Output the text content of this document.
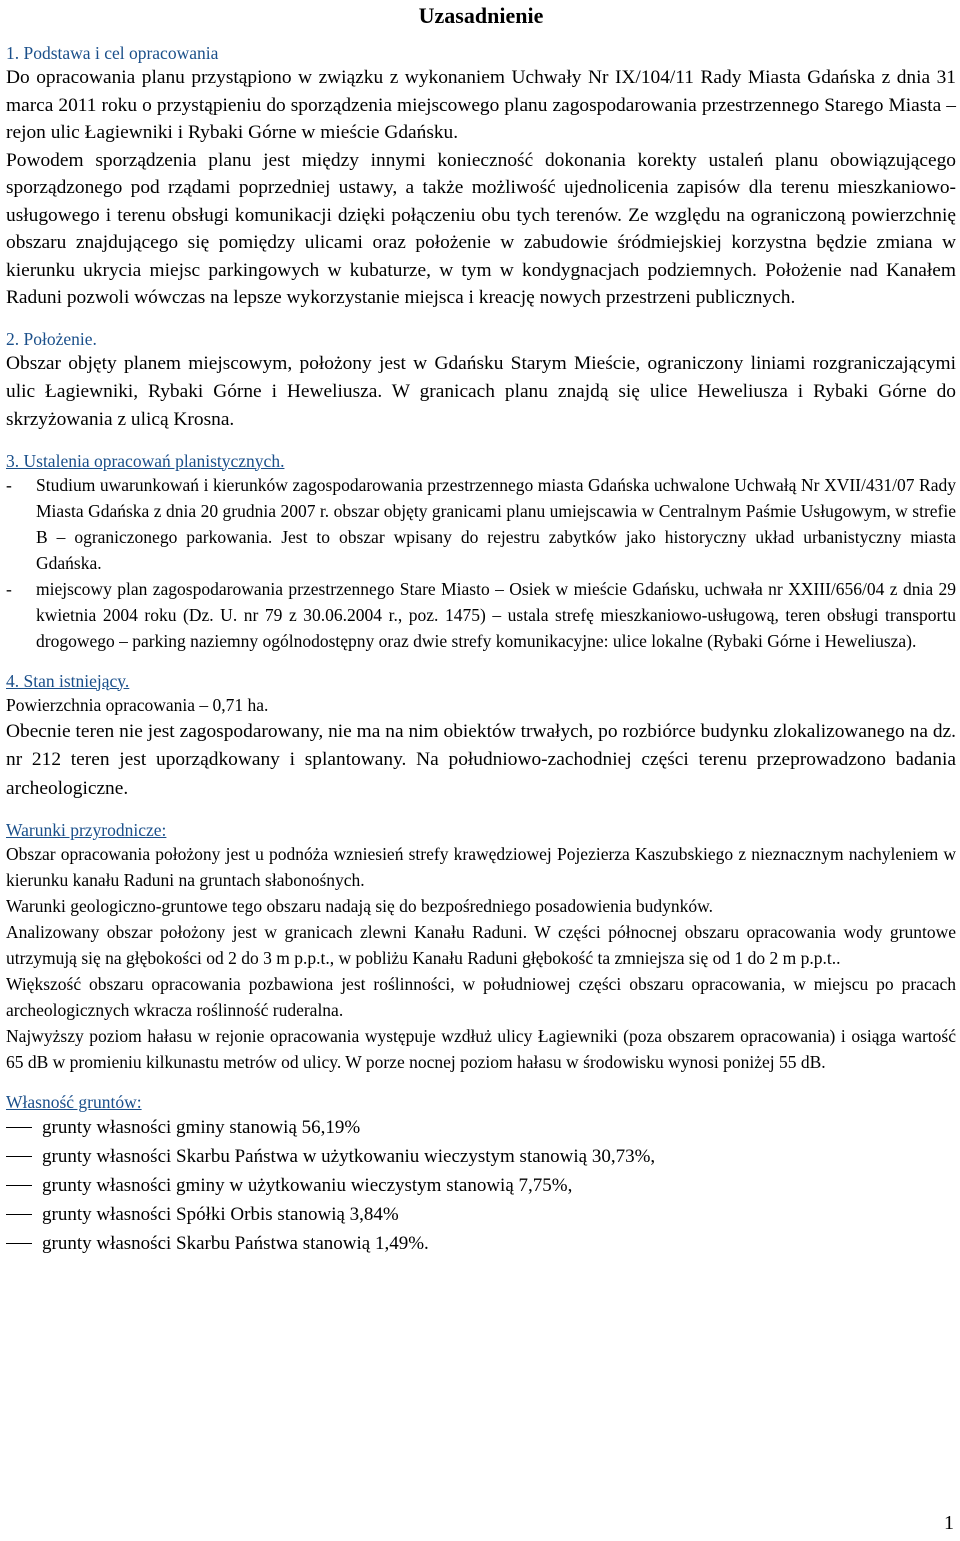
Uzasadnienie
1. Podstawa i cel opracowania

Do opracowania planu przystąpiono w związku z wykonaniem Uchwały Nr IX/104/11 Rady Miasta Gdańska z dnia 31 marca 2011 roku o przystąpieniu do sporządzenia miejscowego planu zagospodarowania przestrzennego Starego Miasta – rejon ulic Łagiewniki i Rybaki Górne w mieście Gdańsku.

Powodem sporządzenia planu jest między innymi konieczność dokonania korekty ustaleń planu obowiązującego sporządzonego pod rządami poprzedniej ustawy, a także możliwość ujednolicenia zapisów dla terenu mieszkaniowo-usługowego i terenu obsługi komunikacji dzięki połączeniu obu tych terenów. Ze względu na ograniczoną powierzchnię obszaru znajdującego się pomiędzy ulicami oraz położenie w zabudowie śródmiejskiej korzystna będzie zmiana w kierunku ukrycia miejsc parkingowych w kubaturze, w tym w kondygnacjach podziemnych. Położenie nad Kanałem Raduni pozwoli wówczas na lepsze wykorzystanie miejsca i kreację nowych przestrzeni publicznych.

2. Położenie.

Obszar objęty planem miejscowym, położony jest w Gdańsku Starym Mieście, ograniczony liniami rozgraniczającymi ulic Łagiewniki, Rybaki Górne i Heweliusza. W granicach planu znajdą się ulice Heweliusza i Rybaki Górne do skrzyżowania z ulicą Krosna.

3. Ustalenia opracowań planistycznych.
-	Studium uwarunkowań i kierunków zagospodarowania przestrzennego miasta Gdańska uchwalone Uchwałą Nr XVII/431/07 Rady Miasta Gdańska z dnia 20 grudnia 2007 r. obszar objęty granicami planu umiejscawia w Centralnym Paśmie Usługowym, w strefie B – ograniczonego parkowania. Jest to obszar wpisany do rejestru zabytków jako historyczny układ urbanistyczny miasta Gdańska.
-	miejscowy plan zagospodarowania przestrzennego Stare Miasto – Osiek w mieście Gdańsku, uchwała nr XXIII/656/04 z dnia 29 kwietnia 2004 roku (Dz. U. nr 79 z 30.06.2004 r., poz. 1475) – ustala strefę mieszkaniowo-usługową, teren obsługi transportu drogowego – parking naziemny ogólnodostępny oraz dwie strefy komunikacyjne: ulice lokalne (Rybaki Górne i Heweliusza).
4. Stan istniejący.

Powierzchnia opracowania – 0,71 ha.

Obecnie teren nie jest zagospodarowany, nie ma na nim obiektów trwałych, po rozbiórce budynku zlokalizowanego na dz. nr 212 teren jest uporządkowany i splantowany. Na południowo-zachodniej części terenu przeprowadzono badania archeologiczne.

Warunki przyrodnicze:

Obszar opracowania położony jest u podnóża wzniesień strefy krawędziowej Pojezierza Kaszubskiego z nieznacznym nachyleniem w kierunku kanału Raduni na gruntach słabonośnych.

Warunki geologiczno-gruntowe tego obszaru nadają się do bezpośredniego posadowienia budynków.

Analizowany obszar położony jest w granicach zlewni Kanału Raduni. W części północnej obszaru opracowania wody gruntowe utrzymują się na głębokości od 2 do 3 m p.p.t., w pobliżu Kanału Raduni głębokość ta zmniejsza się od 1 do 2 m p.p.t..

Większość obszaru opracowania pozbawiona jest roślinności, w południowej części obszaru opracowania, w miejscu po pracach archeologicznych wkracza roślinność ruderalna.

Najwyższy poziom hałasu w rejonie opracowania występuje wzdłuż ulicy Łagiewniki (poza obszarem opracowania) i osiąga wartość 65 dB w promieniu kilkunastu metrów od ulicy. W porze nocnej poziom hałasu w środowisku wynosi poniżej 55 dB.

Własność gruntów:
grunty własności gminy stanowią 56,19%
grunty własności Skarbu Państwa w użytkowaniu wieczystym stanowią 30,73%,
grunty własności gminy w użytkowaniu wieczystym stanowią 7,75%,
grunty własności Spółki Orbis stanowią 3,84%
grunty własności Skarbu Państwa stanowią 1,49%.
1
